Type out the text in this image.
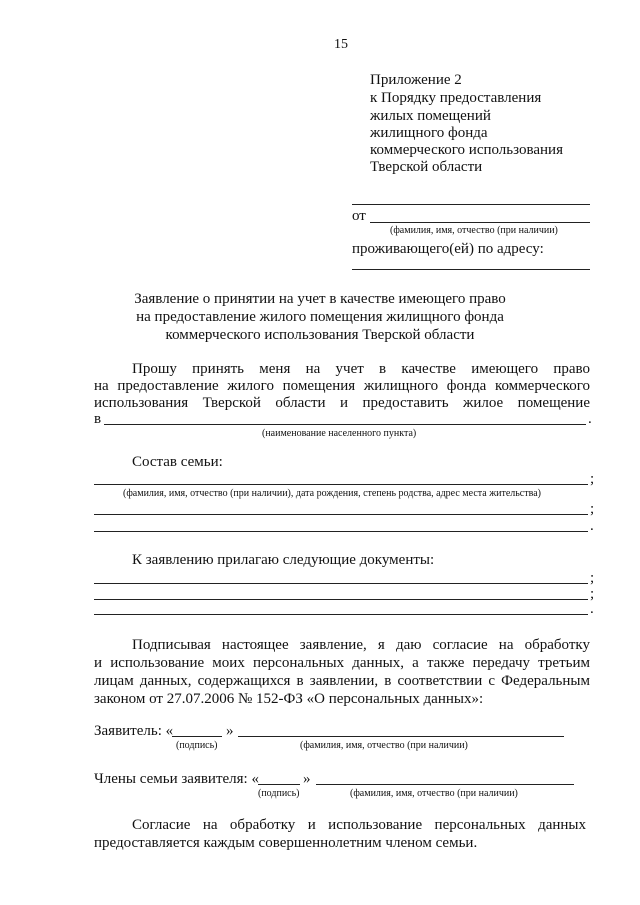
15
Приложение 2
к Порядку предоставления
жилых помещений
жилищного фонда
коммерческого использования
Тверской области
от
(фамилия, имя, отчество (при наличии)
проживающего(ей) по адресу:
Заявление о принятии на учет в качестве имеющего право
на предоставление жилого помещения жилищного фонда
коммерческого использования Тверской области
Прошу принять меня на учет в качестве имеющего право
на предоставление жилого помещения жилищного фонда коммерческого
использования Тверской области и предоставить жилое помещение
в	.
(наименование населенного пункта)
Состав семьи:
;
(фамилия, имя, отчество (при наличии), дата рождения, степень родства, адрес места жительства)
;
.
К заявлению прилагаю следующие документы:
;
;
.
Подписывая настоящее заявление, я даю согласие на обработку
и использование моих персональных данных, а также передачу третьим
лицам данных, содержащихся в заявлении, в соответствии с Федеральным
законом от 27.07.2006 № 152-ФЗ «О персональных данных»:
Заявитель: «	»
(подпись)	(фамилия, имя, отчество (при наличии)
Члены семьи заявителя: «	»
(подпись)	(фамилия, имя, отчество (при наличии)
Согласие на обработку и использование персональных данных
предоставляется каждым совершеннолетним членом семьи.
